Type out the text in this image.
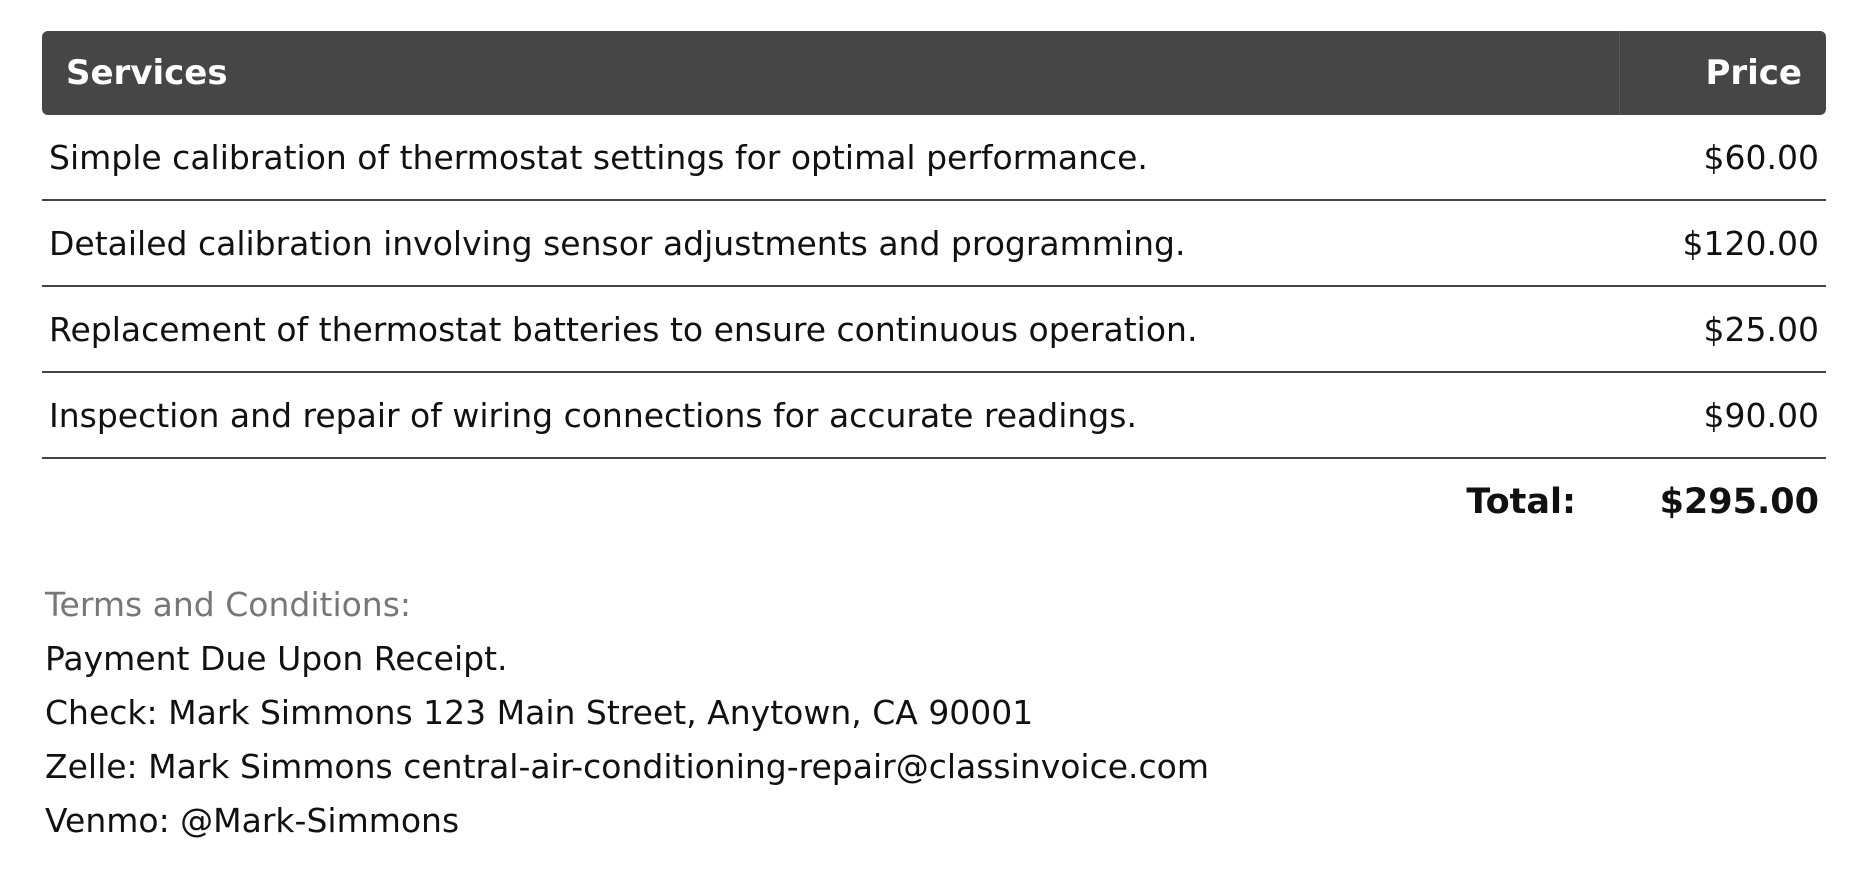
Services	Price
Simple calibration of thermostat settings for optimal performance.	$60.00
Detailed calibration involving sensor adjustments and programming.	$120.00
Replacement of thermostat batteries to ensure continuous operation.	$25.00
Inspection and repair of wiring connections for accurate readings.	$90.00
Total:	$295.00
Terms and Conditions:
Payment Due Upon Receipt.
Check: Mark Simmons 123 Main Street, Anytown, CA 90001
Zelle: Mark Simmons central-air-conditioning-repair@classinvoice.com
Venmo: @Mark-Simmons
